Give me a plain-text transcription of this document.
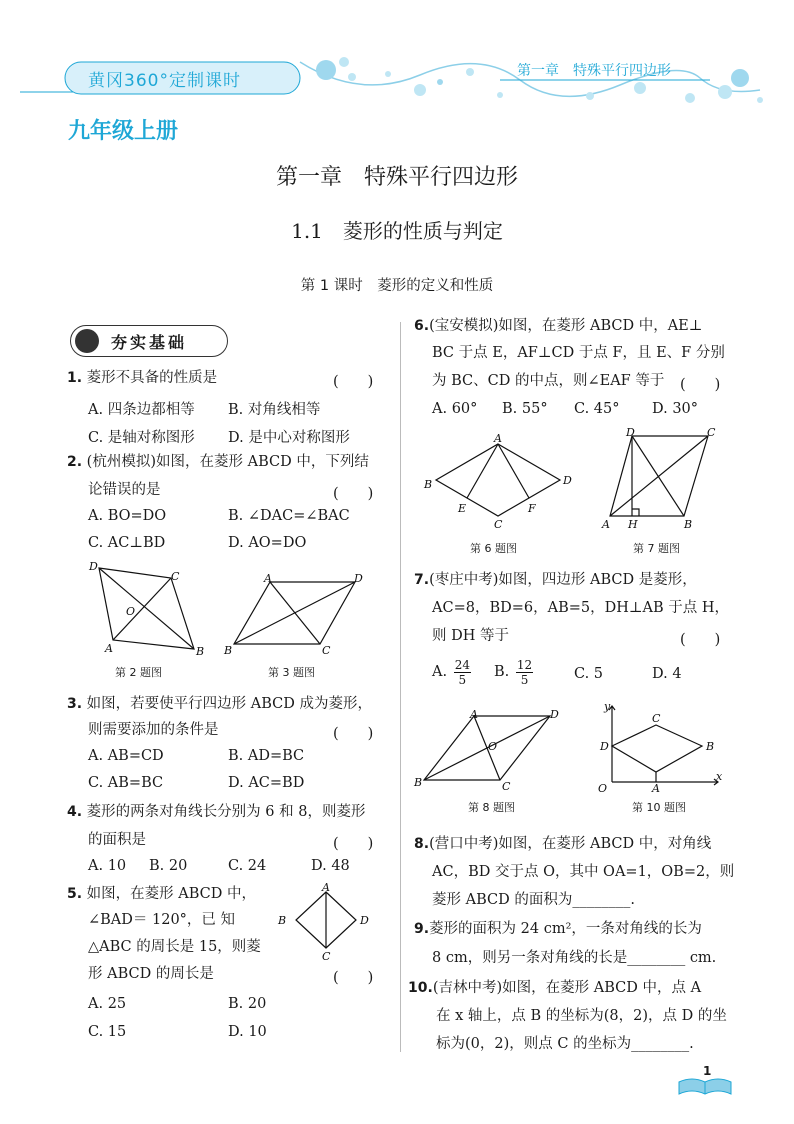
黄冈360°定制课时	第一章　特殊平行四边形
九年级上册
第一章　特殊平行四边形
1.1　菱形的性质与判定
第 1 课时　菱形的定义和性质
夯实基础
1. 菱形不具备的性质是	(　　)
A. 四条边都相等 B. 对角线相等
C. 是轴对称图形 D. 是中心对称图形
2. (杭州模拟)如图，在菱形 ABCD 中，下列结
论错误的是	(　　)
A. BO=DO	B. ∠DAC=∠BAC
C. AC⊥BD	D. AO=DO
D
C
O
A	B
第 2 题图
A	D
B	C
第 3 题图
3. 如图，若要使平行四边形 ABCD 成为菱形，
则需要添加的条件是	(　　)
A. AB=CD	B. AD=BC
C. AB=BC	D. AC=BD
4. 菱形的两条对角线长分别为 6 和 8，则菱形
的面积是	(　　)
A. 10 B. 20	C. 24	D. 48
5. 如图，在菱形 ABCD 中，
∠BAD＝ 120°，已 知
△ABC 的周长是 15，则菱
形 ABCD 的周长是	(　　)
A
D
B
C
A. 25	B. 20
C. 15	D. 10
6.(宝安模拟)如图，在菱形 ABCD 中，AE⊥
BC 于点 E，AF⊥CD 于点 F，且 E、F 分别
为 BC、CD 的中点，则∠EAF 等于 (　　)
A. 60° B. 55° C. 45° D. 30°
A
D
B
C
E	F
第 6 题图
D	C
A	B
H
第 7 题图
7.(枣庄中考)如图，四边形 ABCD 是菱形，
AC=8，BD=6，AB=5，DH⊥AB 于点 H，
则 DH 等于	(　　)
A. $\frac{24}{5} B$. $\frac{12}{5}$	C. 5	D. 4
A	D
O
B	C
第 8 题图
y
x
O
C
B
D
A
第 10 题图
8.(营口中考)如图，在菱形 ABCD 中，对角线
AC，BD 交于点 O，其中 OA=1，OB=2，则
菱形 ABCD 的面积为________.
9.菱形的面积为 24 cm²，一条对角线的长为
8 cm，则另一条对角线的长是________ cm.
10.(吉林中考)如图，在菱形 ABCD 中，点 A
在 x 轴上，点 B 的坐标为(8，2)，点 D 的坐
标为(0，2)，则点 C 的坐标为________.
1
